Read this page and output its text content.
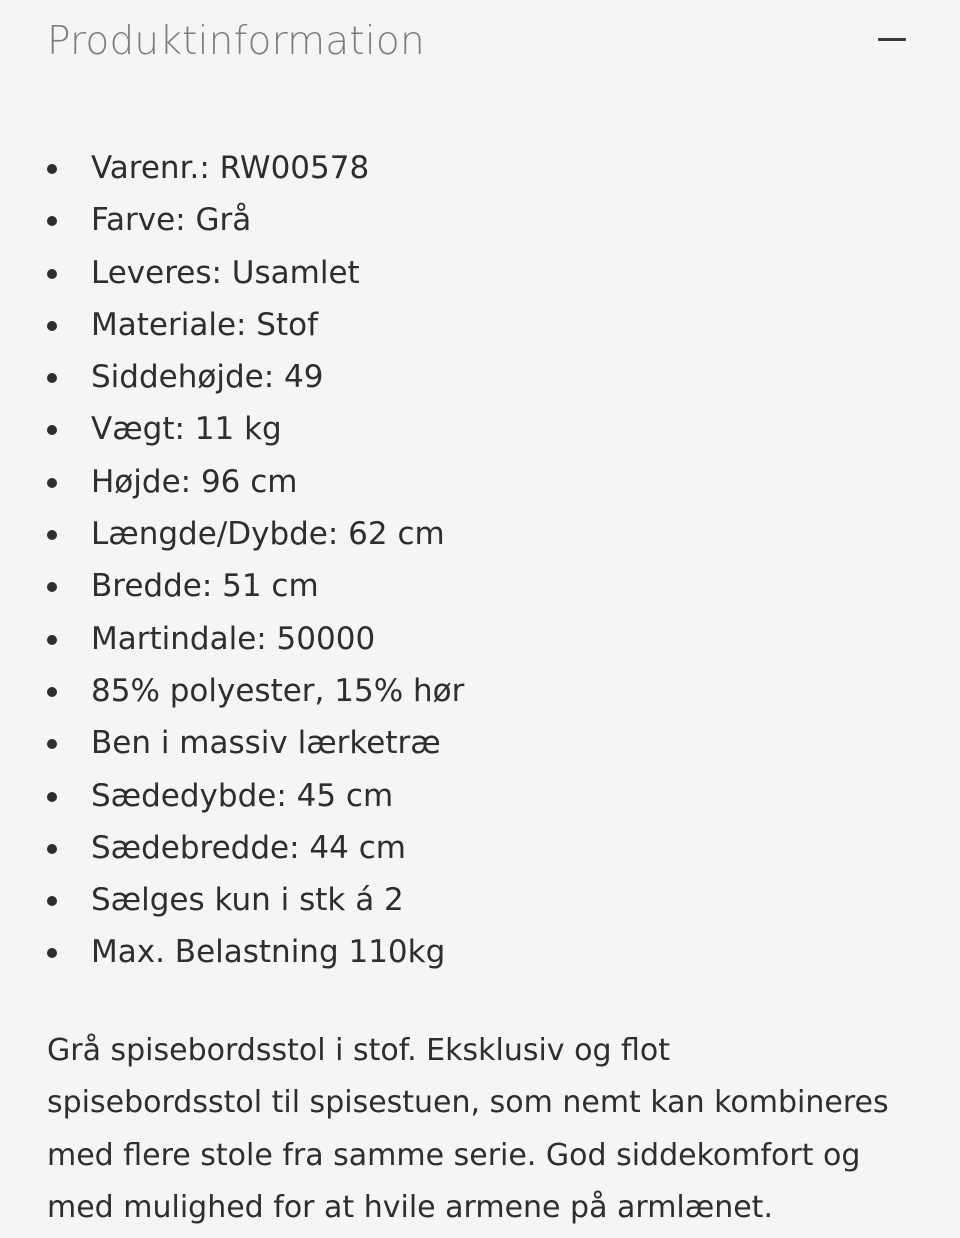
Produktinformation
Varenr.: RW00578
Farve: Grå
Leveres: Usamlet
Materiale: Stof
Siddehøjde: 49
Vægt: 11 kg
Højde: 96 cm
Længde/Dybde: 62 cm
Bredde: 51 cm
Martindale: 50000
85% polyester, 15% hør
Ben i massiv lærketræ
Sædedybde: 45 cm
Sædebredde: 44 cm
Sælges kun i stk á 2
Max. Belastning 110kg

Grå spisebordsstol i stof. Eksklusiv og flot
spisebordsstol til spisestuen, som nemt kan kombineres
med flere stole fra samme serie. God siddekomfort og
med mulighed for at hvile armene på armlænet.
